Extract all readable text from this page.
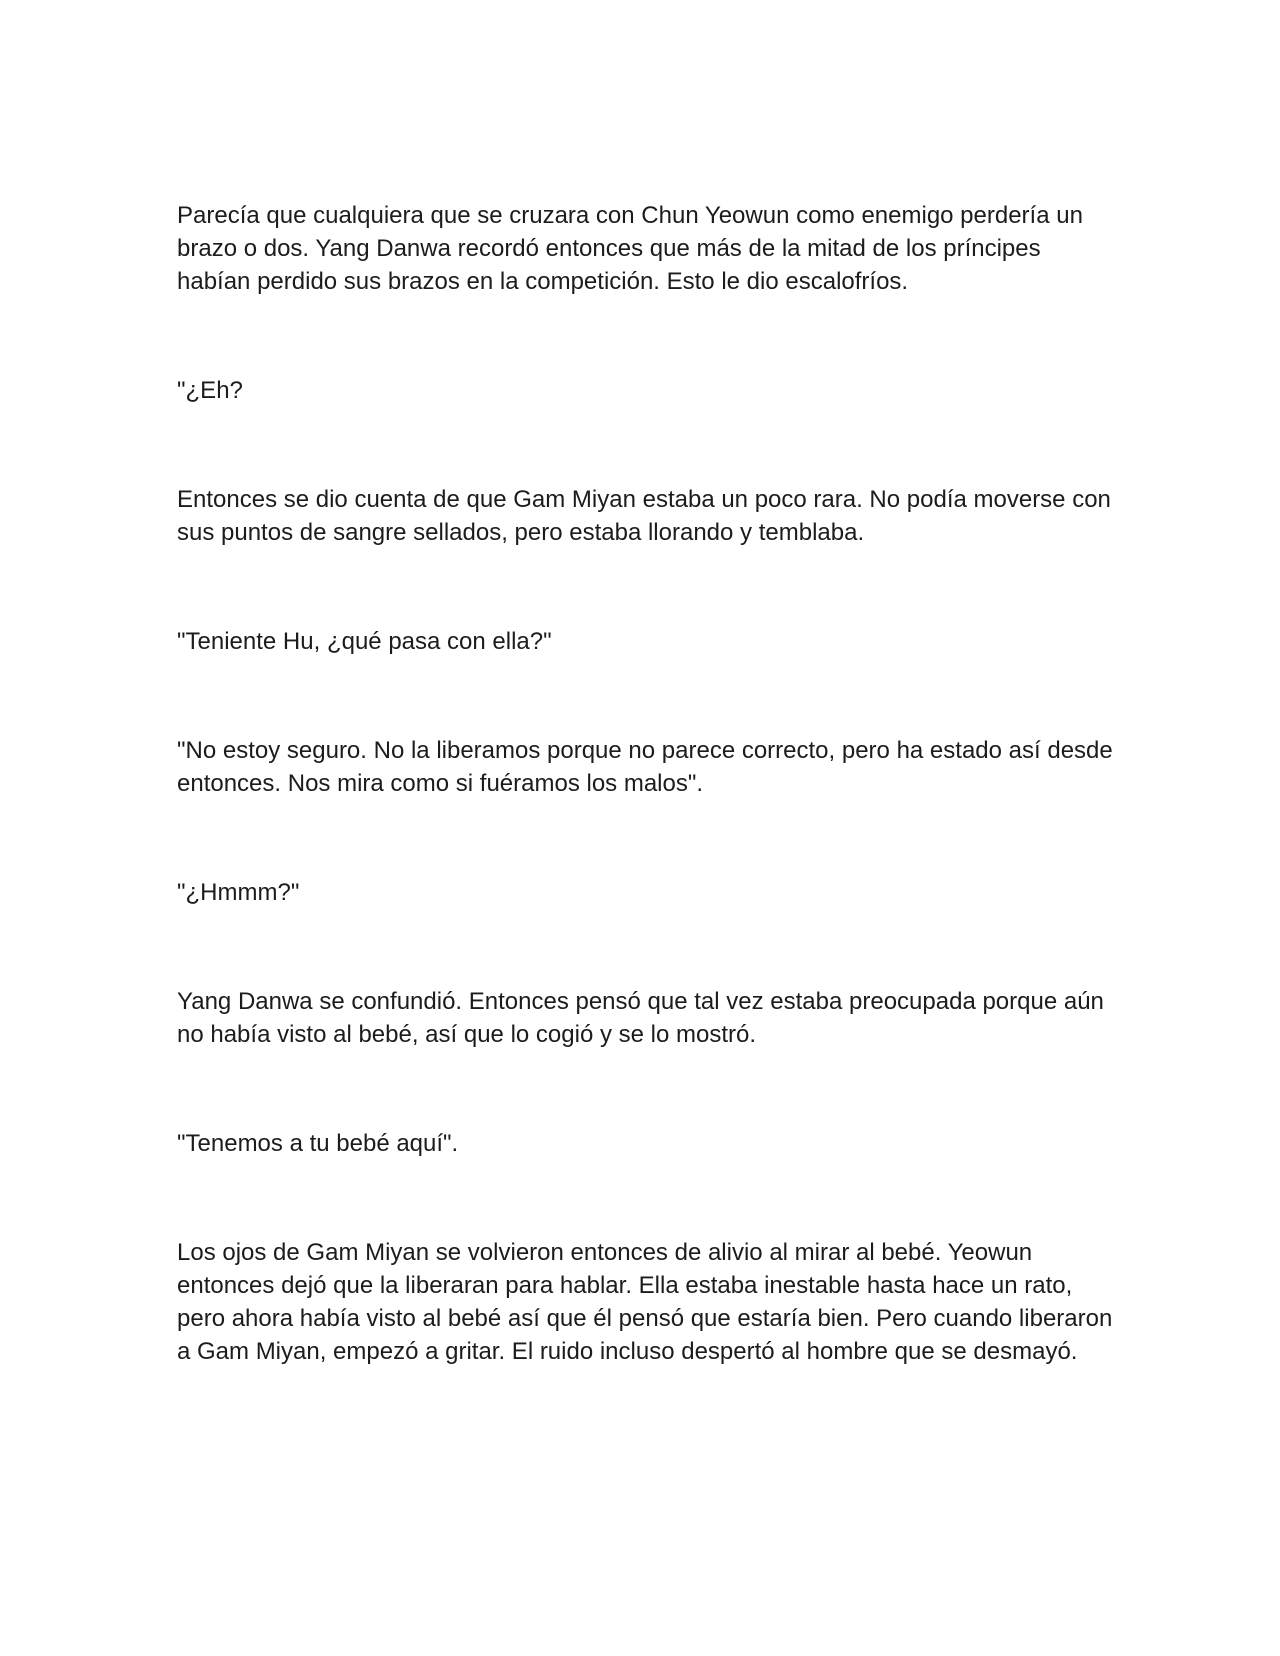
Parecía que cualquiera que se cruzara con Chun Yeowun como enemigo perdería un brazo o dos. Yang Danwa recordó entonces que más de la mitad de los príncipes habían perdido sus brazos en la competición. Esto le dio escalofríos.

"¿Eh?

Entonces se dio cuenta de que Gam Miyan estaba un poco rara. No podía moverse con sus puntos de sangre sellados, pero estaba llorando y temblaba.

"Teniente Hu, ¿qué pasa con ella?"

"No estoy seguro. No la liberamos porque no parece correcto, pero ha estado así desde entonces. Nos mira como si fuéramos los malos".

"¿Hmmm?"

Yang Danwa se confundió. Entonces pensó que tal vez estaba preocupada porque aún no había visto al bebé, así que lo cogió y se lo mostró.

"Tenemos a tu bebé aquí".

Los ojos de Gam Miyan se volvieron entonces de alivio al mirar al bebé. Yeowun entonces dejó que la liberaran para hablar. Ella estaba inestable hasta hace un rato, pero ahora había visto al bebé así que él pensó que estaría bien. Pero cuando liberaron a Gam Miyan, empezó a gritar. El ruido incluso despertó al hombre que se desmayó.
